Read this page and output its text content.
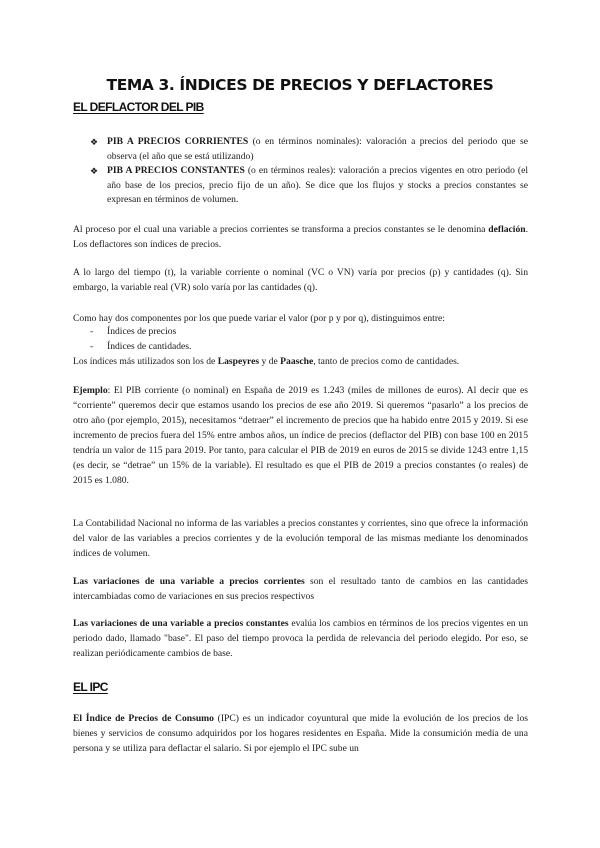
TEMA 3. ÍNDICES DE PRECIOS Y DEFLACTORES
EL DEFLACTOR DEL PIB
❖ PIB A PRECIOS CORRIENTES (o en términos nominales): valoración a precios del periodo que se observa (el año que se está utilizando)
❖ PIB A PRECIOS CONSTANTES (o en términos reales): valoración a precios vigentes en otro periodo (el año base de los precios, precio fijo de un año). Se dice que los flujos y stocks a precios constantes se expresan en términos de volumen.

Al proceso por el cual una variable a precios corrientes se transforma a precios constantes se le denomina deflación. Los deflactores son índices de precios.

A lo largo del tiempo (t), la variable corriente o nominal (VC o VN) varía por precios (p) y cantidades (q). Sin embargo, la variable real (VR) solo varía por las cantidades (q).

Como hay dos componentes por los que puede variar el valor (por p y por q), distinguimos entre:

- Índices de precios
- Índices de cantidades.

Los índices más utilizados son los de Laspeyres y de Paasche, tanto de precios como de cantidades.

Ejemplo: El PIB corriente (o nominal) en España de 2019 es 1.243 (miles de millones de euros). Al decir que es “corriente” queremos decir que estamos usando los precios de ese año 2019. Si queremos “pasarlo” a los precios de otro año (por ejemplo, 2015), necesitamos “detraer” el incremento de precios que ha habido entre 2015 y 2019. Si ese incremento de precios fuera del 15% entre ambos años, un índice de precios (deflactor del PIB) con base 100 en 2015 tendría un valor de 115 para 2019. Por tanto, para calcular el PIB de 2019 en euros de 2015 se divide 1243 entre 1,15 (es decir, se “detrae” un 15% de la variable). El resultado es que el PIB de 2019 a precios constantes (o reales) de 2015 es 1.080.

La Contabilidad Nacional no informa de las variables a precios constantes y corrientes, sino que ofrece la información del valor de las variables a precios corrientes y de la evolución temporal de las mismas mediante los denominados índices de volumen.

Las variaciones de una variable a precios corrientes son el resultado tanto de cambios en las cantidades intercambiadas como de variaciones en sus precios respectivos

Las variaciones de una variable a precios constantes evalúa los cambios en términos de los precios vigentes en un periodo dado, llamado "base". El paso del tiempo provoca la perdida de relevancia del periodo elegido. Por eso, se realizan periódicamente cambios de base.

EL IPC

El Índice de Precios de Consumo (IPC) es un indicador coyuntural que mide la evolución de los precios de los bienes y servicios de consumo adquiridos por los hogares residentes en España. Mide la consumición media de una persona y se utiliza para deflactar el salario. Si por ejemplo el IPC sube un
